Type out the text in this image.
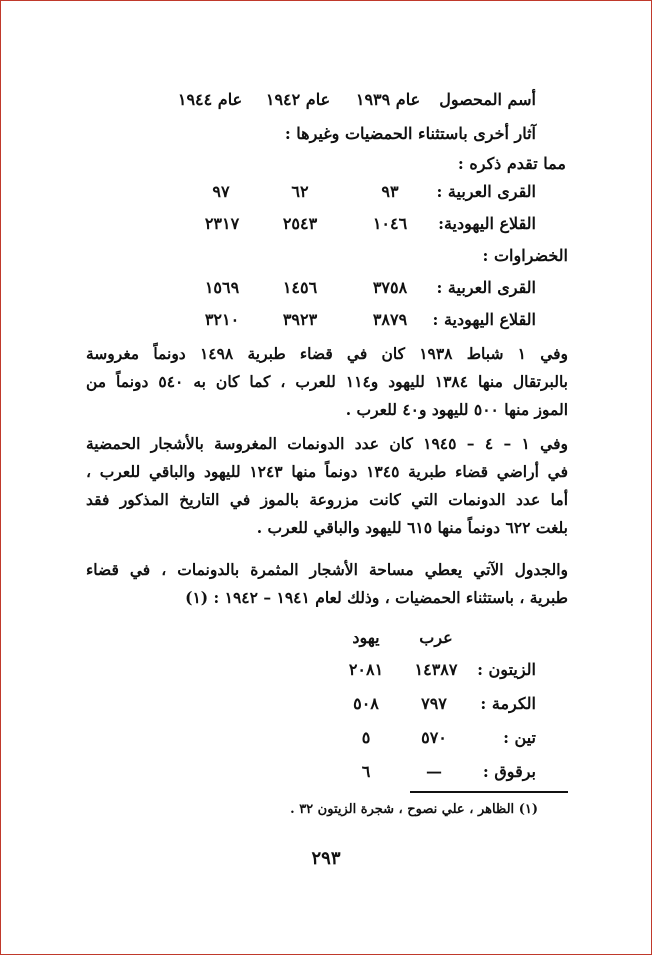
أسم المحصول
عام ١٩٣٩
عام ١٩٤٢
عام ١٩٤٤
آثار أخرى باستثناء الحمضيات وغيرها :
مما تقدم ذكره :
القرى العربية :
٩٣
٦٢
٩٧
القلاع اليهودية:
١٠٤٦
٢٥٤٣
٢٣١٧
الخضراوات :
القرى العربية :
٣٧٥٨
١٤٥٦
١٥٦٩
القلاع اليهودية :
٣٨٧٩
٣٩٢٣
٣٢١٠
وفي ١ شباط ١٩٣٨ كان في قضاء طبرية ١٤٩٨ دونماً مغروسة
بالبرتقال منها ١٣٨٤ لليهود و١١٤ للعرب ، كما كان به ٥٤٠ دونماً من
الموز منها ٥٠٠ لليهود و٤٠ للعرب .
وفي ١ – ٤ – ١٩٤٥ كان عدد الدونمات المغروسة بالأشجار الحمضية
في أراضي قضاء طبرية ١٣٤٥ دونماً منها ١٢٤٣ لليهود والباقي للعرب ،
أما عدد الدونمات التي كانت مزروعة بالموز في التاريخ المذكور فقد
بلغت ٦٢٢ دونماً منها ٦١٥ لليهود والباقي للعرب .
والجدول الآتي يعطي مساحة الأشجار المثمرة بالدونمات ، في قضاء
طبرية ، باستثناء الحمضيات ، وذلك لعام ١٩٤١ – ١٩٤٢ : (١)
عرب
يهود
الزيتون :
١٤٣٨٧
٢٠٨١
الكرمة :
٧٩٧
٥٠٨
تين :
٥٧٠
٥
برقوق :
—
٦
(١) الظاهر ، علي نصوح ، شجرة الزيتون ٣٢ .
٢٩٣
